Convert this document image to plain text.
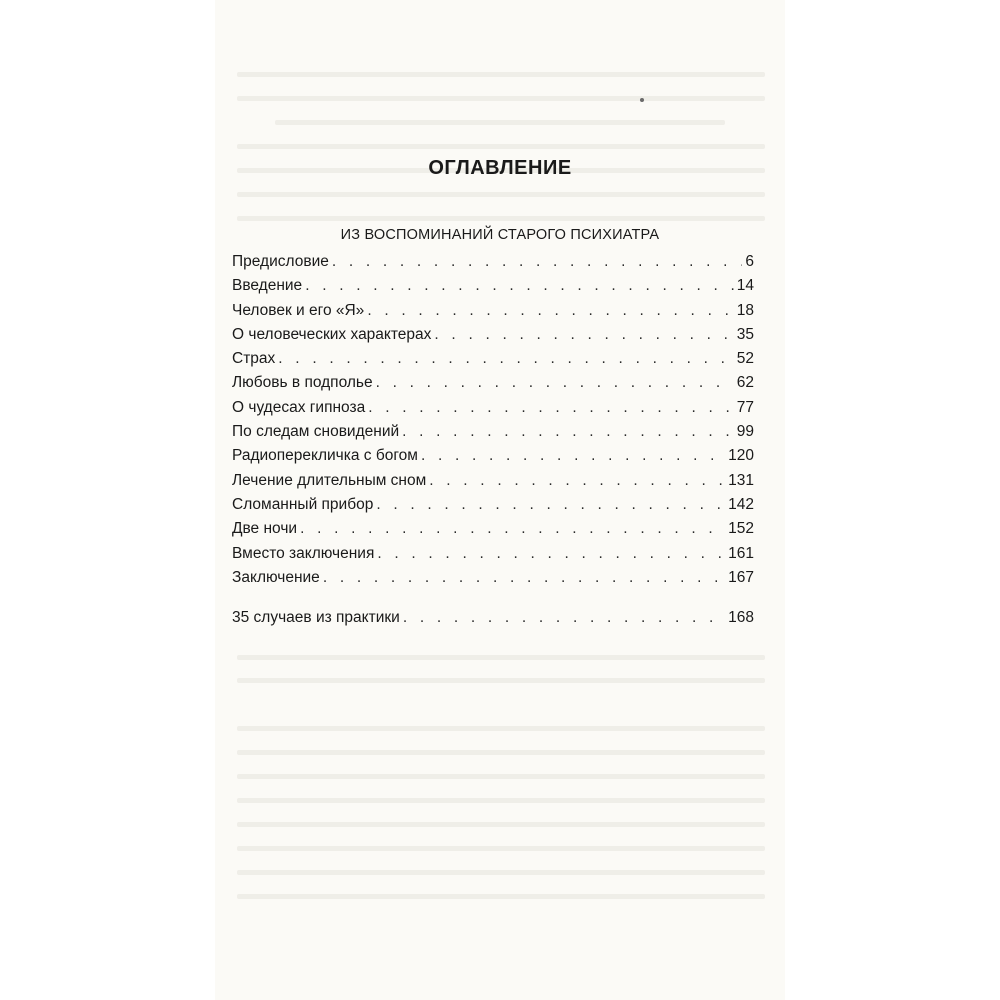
ОГЛАВЛЕНИЕ
ИЗ ВОСПОМИНАНИЙ СТАРОГО ПСИХИАТРА
Предисловие . . .	6
Введение . . .	14
Человек и его «Я» . . .	18
О человеческих характерах . . .	35
Страх . . .	52
Любовь в подполье . . .	62
О чудесах гипноза . . .	77
По следам сновидений . . .	99
Радиоперекличка с богом . . .	120
Лечение длительным сном . . .	131
Сломанный прибор . . .	142
Две ночи . . .	152
Вместо заключения . . .	161
Заключение . . .	167
35 случаев из практики . . .	168
